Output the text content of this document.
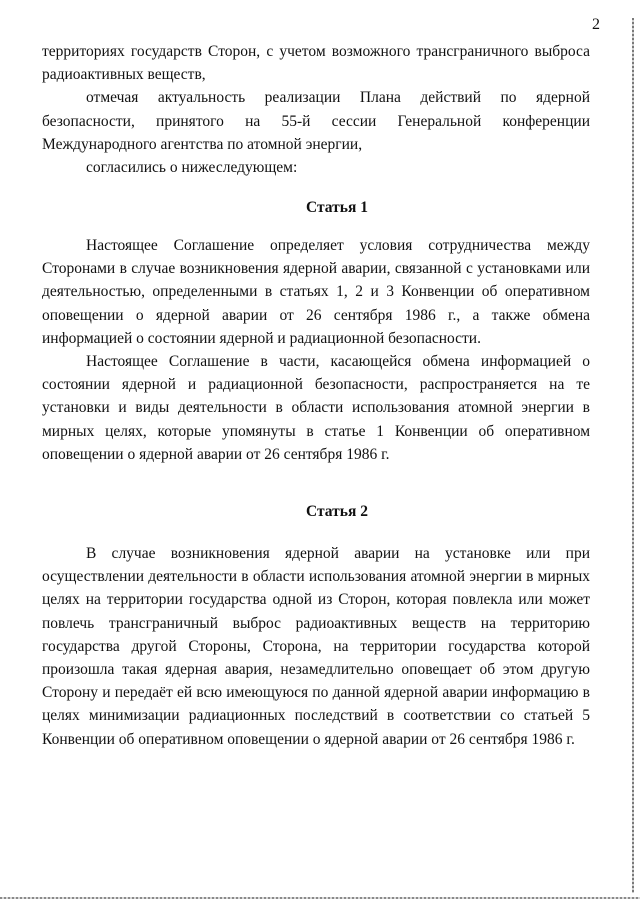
2

территориях государств Сторон, с учетом возможного трансграничного выброса радиоактивных веществ,

отмечая актуальность реализации Плана действий по ядерной безопасности, принятого на 55-й сессии Генеральной конференции Международного агентства по атомной энергии,

согласились о нижеследующем:

Статья 1

Настоящее Соглашение определяет условия сотрудничества между Сторонами в случае возникновения ядерной аварии, связанной с установками или деятельностью, определенными в статьях 1, 2 и 3 Конвенции об оперативном оповещении о ядерной аварии от 26 сентября 1986 г., а также обмена информацией о состоянии ядерной и радиационной безопасности.

Настоящее Соглашение в части, касающейся обмена информацией о состоянии ядерной и радиационной безопасности, распространяется на те установки и виды деятельности в области использования атомной энергии в мирных целях, которые упомянуты в статье 1 Конвенции об оперативном оповещении о ядерной аварии от 26 сентября 1986 г.

Статья 2

В случае возникновения ядерной аварии на установке или при осуществлении деятельности в области использования атомной энергии в мирных целях на территории государства одной из Сторон, которая повлекла или может повлечь трансграничный выброс радиоактивных веществ на территорию государства другой Стороны, Сторона, на территории государства которой произошла такая ядерная авария, незамедлительно оповещает об этом другую Сторону и передаёт ей всю имеющуюся по данной ядерной аварии информацию в целях минимизации радиационных последствий в соответствии со статьей 5 Конвенции об оперативном оповещении о ядерной аварии от 26 сентября 1986 г.
